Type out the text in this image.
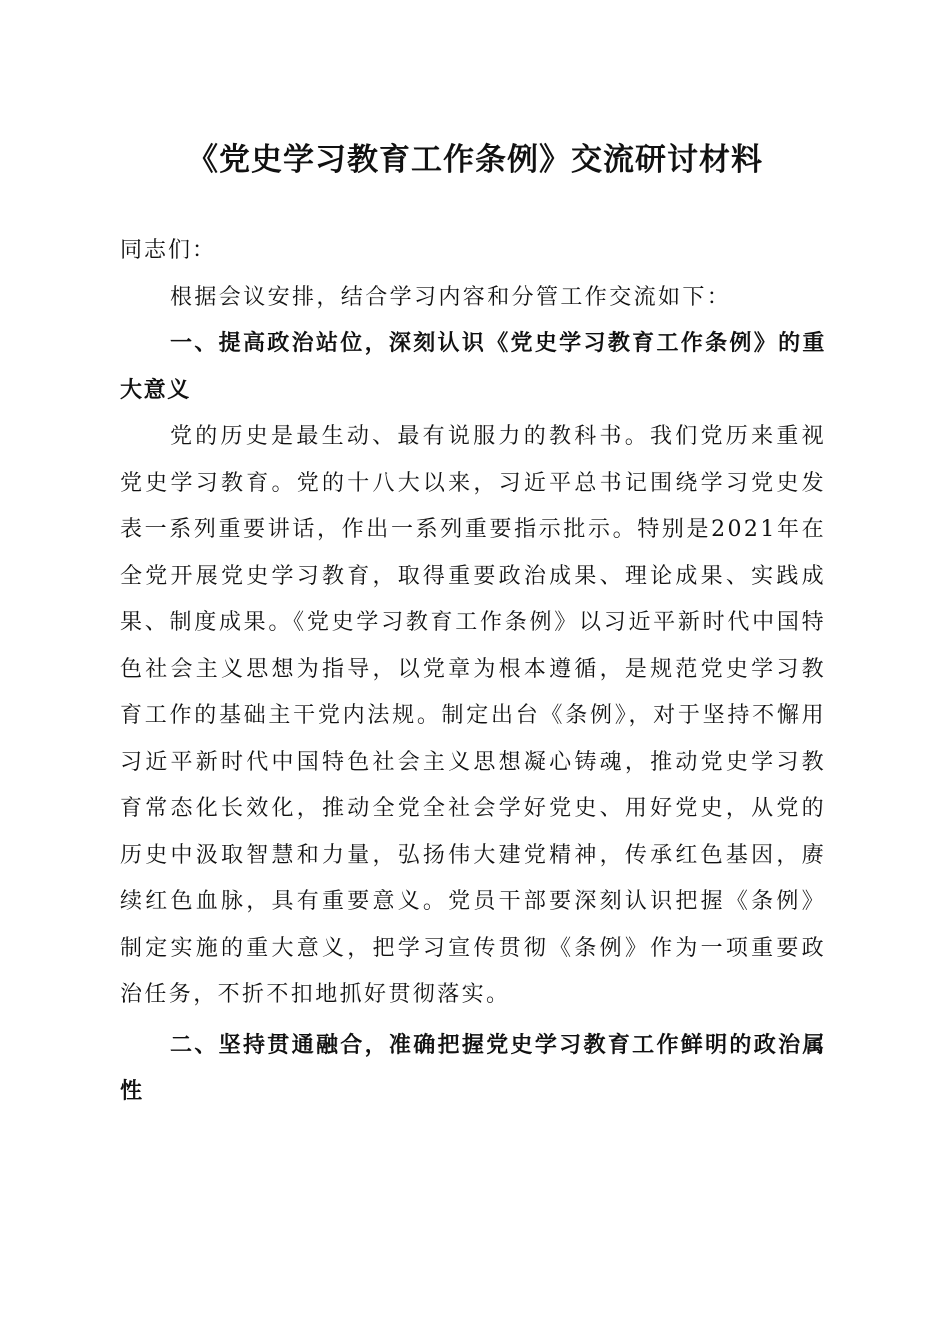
《党史学习教育工作条例》交流研讨材料

同志们：

根据会议安排，结合学习内容和分管工作交流如下：

一、提高政治站位，深刻认识《党史学习教育工作条例》的重大意义

党的历史是最生动、最有说服力的教科书。我们党历来重视党史学习教育。党的十八大以来，习近平总书记围绕学习党史发表一系列重要讲话，作出一系列重要指示批示。特别是2021年在全党开展党史学习教育，取得重要政治成果、理论成果、实践成果、制度成果。《党史学习教育工作条例》以习近平新时代中国特色社会主义思想为指导，以党章为根本遵循，是规范党史学习教育工作的基础主干党内法规。制定出台《条例》，对于坚持不懈用习近平新时代中国特色社会主义思想凝心铸魂，推动党史学习教育常态化长效化，推动全党全社会学好党史、用好党史，从党的历史中汲取智慧和力量，弘扬伟大建党精神，传承红色基因，赓续红色血脉，具有重要意义。党员干部要深刻认识把握《条例》制定实施的重大意义，把学习宣传贯彻《条例》作为一项重要政治任务，不折不扣地抓好贯彻落实。

二、坚持贯通融合，准确把握党史学习教育工作鲜明的政治属性
